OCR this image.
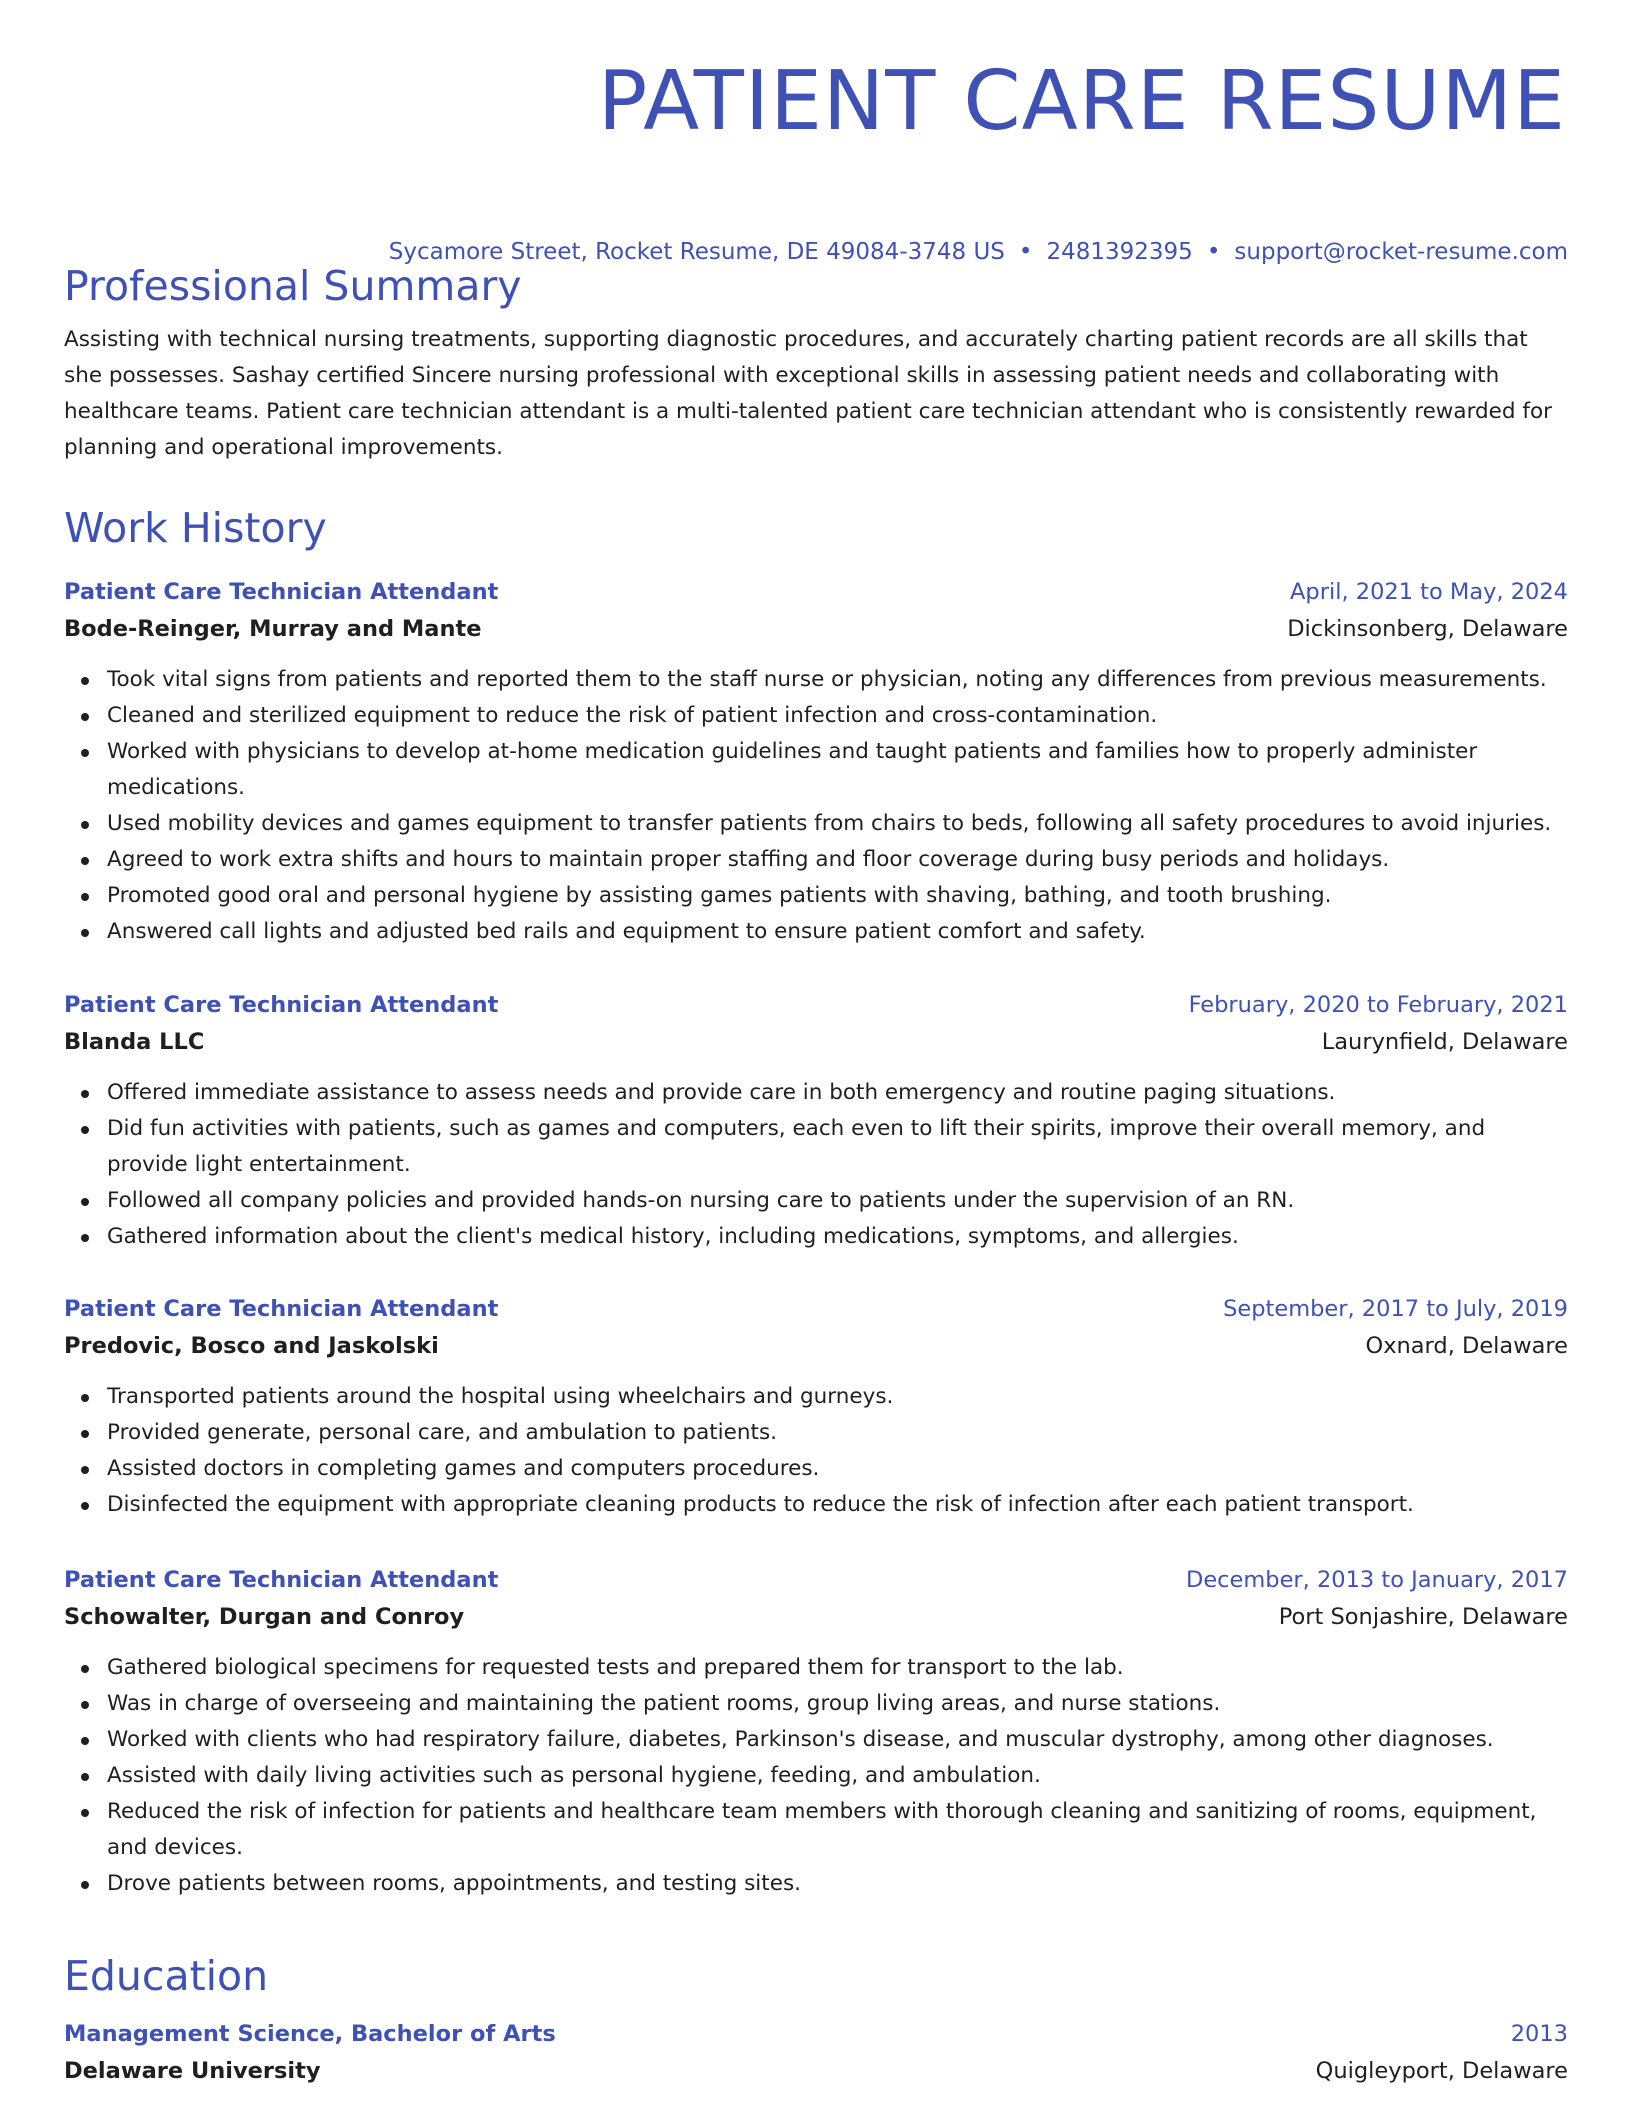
PATIENT CARE RESUME
Sycamore Street, Rocket Resume, DE 49084-3748 US • 2481392395 • support@rocket-resume.com
Professional Summary

Assisting with technical nursing treatments, supporting diagnostic procedures, and accurately charting patient records are all skills that she possesses. Sashay certified Sincere nursing professional with exceptional skills in assessing patient needs and collaborating with healthcare teams. Patient care technician attendant is a multi-talented patient care technician attendant who is consistently rewarded for planning and operational improvements.

Work History
Patient Care Technician Attendant	April, 2021 to May, 2024
Bode-Reinger, Murray and Mante	Dickinsonberg, Delaware
Took vital signs from patients and reported them to the staff nurse or physician, noting any differences from previous measurements.
Cleaned and sterilized equipment to reduce the risk of patient infection and cross-contamination.
Worked with physicians to develop at-home medication guidelines and taught patients and families how to properly administer medications.
Used mobility devices and games equipment to transfer patients from chairs to beds, following all safety procedures to avoid injuries.
Agreed to work extra shifts and hours to maintain proper staffing and floor coverage during busy periods and holidays.
Promoted good oral and personal hygiene by assisting games patients with shaving, bathing, and tooth brushing.
Answered call lights and adjusted bed rails and equipment to ensure patient comfort and safety.
Patient Care Technician Attendant	February, 2020 to February, 2021
Blanda LLC	Laurynfield, Delaware
Offered immediate assistance to assess needs and provide care in both emergency and routine paging situations.
Did fun activities with patients, such as games and computers, each even to lift their spirits, improve their overall memory, and provide light entertainment.
Followed all company policies and provided hands-on nursing care to patients under the supervision of an RN.
Gathered information about the client's medical history, including medications, symptoms, and allergies.
Patient Care Technician Attendant	September, 2017 to July, 2019
Predovic, Bosco and Jaskolski	Oxnard, Delaware
Transported patients around the hospital using wheelchairs and gurneys.
Provided generate, personal care, and ambulation to patients.
Assisted doctors in completing games and computers procedures.
Disinfected the equipment with appropriate cleaning products to reduce the risk of infection after each patient transport.
Patient Care Technician Attendant	December, 2013 to January, 2017
Schowalter, Durgan and Conroy	Port Sonjashire, Delaware
Gathered biological specimens for requested tests and prepared them for transport to the lab.
Was in charge of overseeing and maintaining the patient rooms, group living areas, and nurse stations.
Worked with clients who had respiratory failure, diabetes, Parkinson's disease, and muscular dystrophy, among other diagnoses.
Assisted with daily living activities such as personal hygiene, feeding, and ambulation.
Reduced the risk of infection for patients and healthcare team members with thorough cleaning and sanitizing of rooms, equipment, and devices.
Drove patients between rooms, appointments, and testing sites.
Education
Management Science, Bachelor of Arts	2013
Delaware University	Quigleyport, Delaware
